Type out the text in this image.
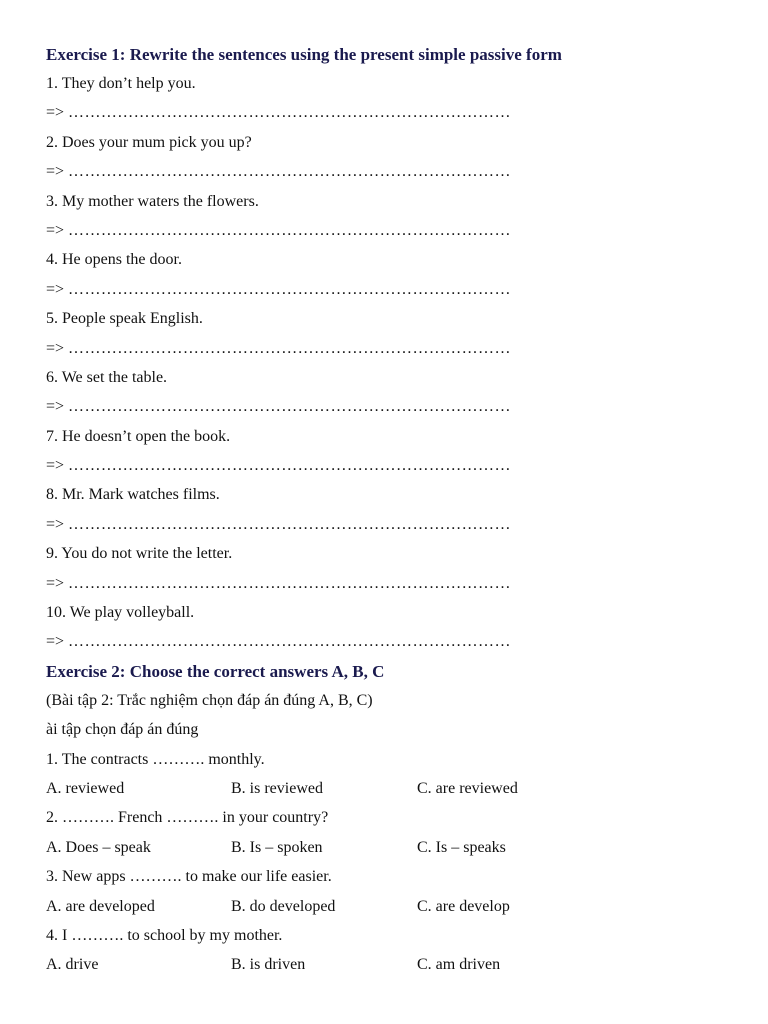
Exercise 1: Rewrite the sentences using the present simple passive form
1. They don’t help you.
=>
………………………………………………………………………
2. Does your mum pick you up?
=>
………………………………………………………………………
3. My mother waters the flowers.
=>
………………………………………………………………………
4. He opens the door.
=>
………………………………………………………………………
5. People speak English.
=>
………………………………………………………………………
6. We set the table.
=>
………………………………………………………………………
7. He doesn’t open the book.
=>
………………………………………………………………………
8. Mr. Mark watches films.
=>
………………………………………………………………………
9. You do not write the letter.
=>
………………………………………………………………………
10. We play volleyball.
=>
………………………………………………………………………
Exercise 2: Choose the correct answers A, B, C
(Bài tập 2: Trắc nghiệm chọn đáp án đúng A, B, C)
ài tập chọn đáp án đúng
1. The contracts ………. monthly.
A. reviewed	B. is reviewed	C. are reviewed
2. ………. French ………. in your country?
A. Does – speak	B. Is – spoken	C. Is – speaks
3. New apps ………. to make our life easier.
A. are developed	B. do developed	C. are develop
4. I ………. to school by my mother.
A. drive	B. is driven	C. am driven
